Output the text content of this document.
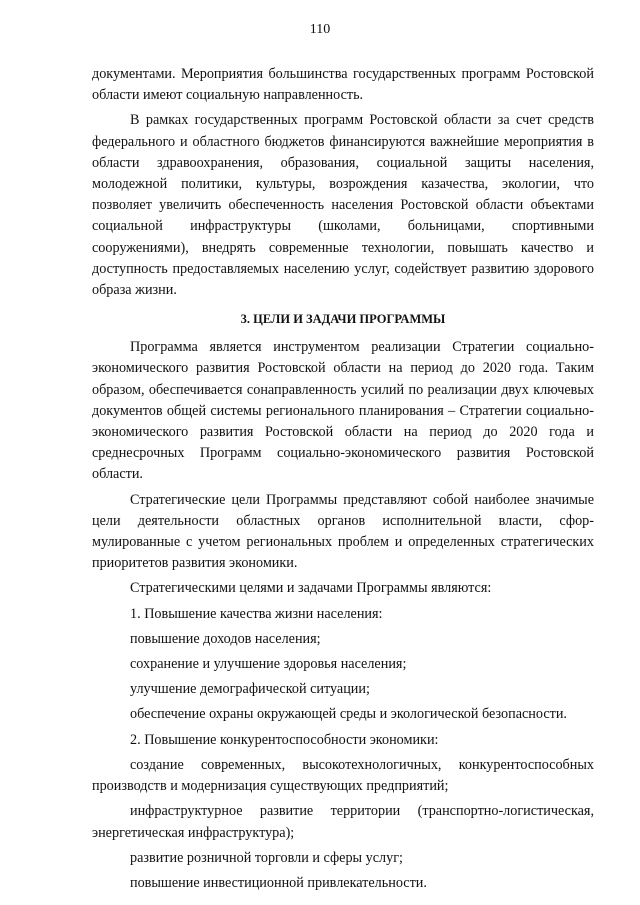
110

документами. Мероприятия большинства государственных программ Ростовской области имеют социальную направленность.

В рамках государственных программ Ростовской области за счет средств федерального и областного бюджетов финансируются важнейшие мероприятия в области здравоохранения, образования, социальной защиты населения, молодежной политики, культуры, возрождения казачества, экологии, что позволяет увеличить обеспеченность населения Ростовской области объектами социальной инфраструктуры (школами, больницами, спортивными сооружениями), внедрять современные технологии, повышать качество и доступность предоставляемых населению услуг, содействует развитию здорового образа жизни.

3. ЦЕЛИ И ЗАДАЧИ ПРОГРАММЫ

Программа является инструментом реализации Стратегии социально-экономического развития Ростовской области на период до 2020 года. Таким образом, обеспечивается сонаправленность усилий по реализации двух ключевых документов общей системы регионального планирования – Стратегии социально-экономического развития Ростовской области на период до 2020 года и среднесрочных Программ социально-экономического развития Ростовской области.

Стратегические цели Программы представляют собой наиболее значимые цели деятельности областных органов исполнительной власти, сформулированные с учетом региональных проблем и определенных стратегических приоритетов развития экономики.

Стратегическими целями и задачами Программы являются:

1. Повышение качества жизни населения:

повышение доходов населения;

сохранение и улучшение здоровья населения;

улучшение демографической ситуации;

обеспечение охраны окружающей среды и экологической безопасности.

2. Повышение конкурентоспособности экономики:

создание современных, высокотехнологичных, конкурентоспособных производств и модернизация существующих предприятий;

инфраструктурное развитие территории (транспортно-логистическая, энергетическая инфраструктура);

развитие розничной торговли и сферы услуг;

повышение инвестиционной привлекательности.
